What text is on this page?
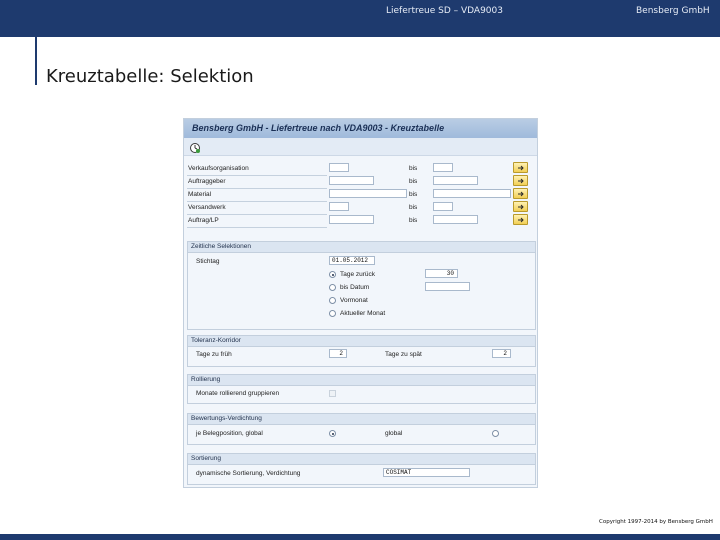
Liefertreue SD – VDA9003	Bensberg GmbH
Kreuztabelle: Selektion
Bensberg GmbH - Liefertreue nach VDA9003 - Kreuztabelle
Verkaufsorganisation	bis
Auftraggeber	bis
Material	bis
Versandwerk	bis
Auftrag/LP	bis
Zeitliche Selektionen
Stichtag	01.05.2012
Tage zurück	30
bis Datum
Vormonat
Aktueller Monat
Toleranz-Korridor
Tage zu früh	2	Tage zu spät	2
Rollierung
Monate rollierend gruppieren
Bewertungs-Verdichtung
je Belegposition, global	global
Sortierung
dynamische Sortierung, Verdichtung	COSIMAT
Copyright 1997-2014 by Bensberg GmbH
